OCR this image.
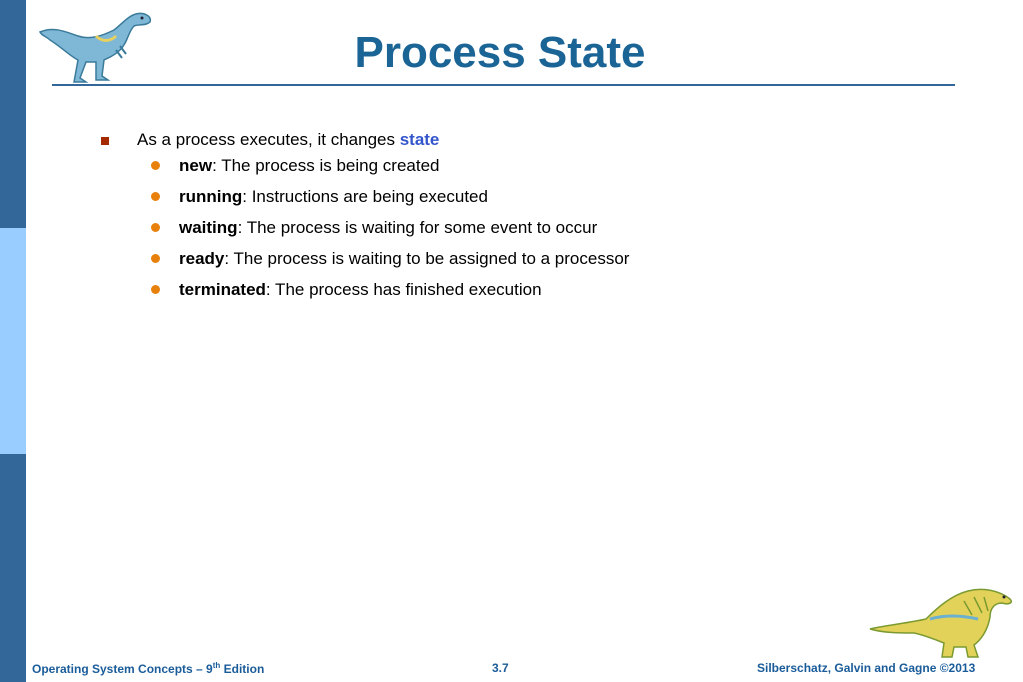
Process State
As a process executes, it changes state
new: The process is being created
running: Instructions are being executed
waiting: The process is waiting for some event to occur
ready: The process is waiting to be assigned to a processor
terminated: The process has finished execution
Operating System Concepts – 9th Edition	3.7	Silberschatz, Galvin and Gagne ©2013
